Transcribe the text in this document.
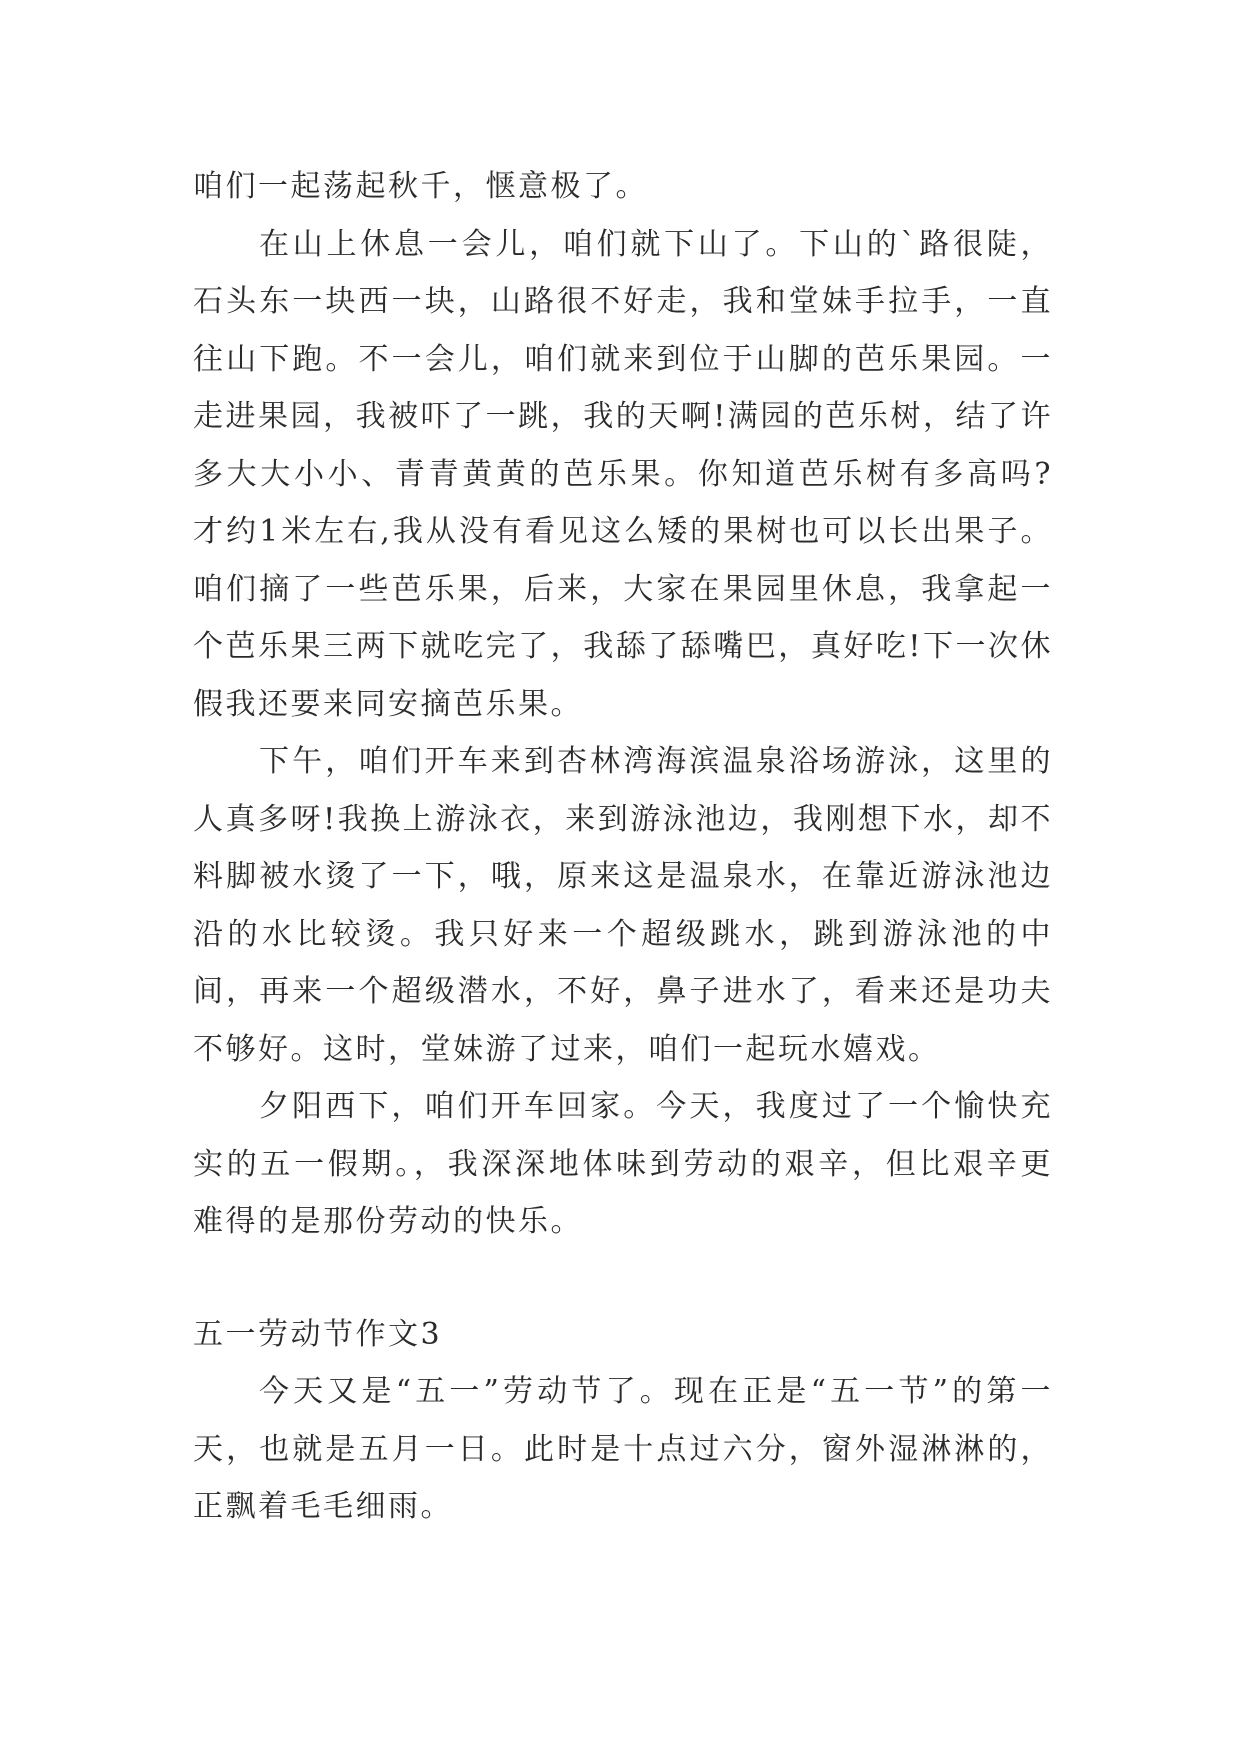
咱们一起荡起秋千，惬意极了。

在山上休息一会儿，咱们就下山了。下山的`路很陡，石头东一块西一块，山路很不好走，我和堂妹手拉手，一直往山下跑。不一会儿，咱们就来到位于山脚的芭乐果园。一走进果园，我被吓了一跳，我的天啊!满园的芭乐树，结了许多大大小小、青青黄黄的芭乐果。你知道芭乐树有多高吗?才约1米左右,我从没有看见这么矮的果树也可以长出果子。咱们摘了一些芭乐果，后来，大家在果园里休息，我拿起一个芭乐果三两下就吃完了，我舔了舔嘴巴，真好吃!下一次休假我还要来同安摘芭乐果。

下午，咱们开车来到杏林湾海滨温泉浴场游泳，这里的人真多呀!我换上游泳衣，来到游泳池边，我刚想下水，却不料脚被水烫了一下，哦，原来这是温泉水，在靠近游泳池边沿的水比较烫。我只好来一个超级跳水，跳到游泳池的中间，再来一个超级潜水，不好，鼻子进水了，看来还是功夫不够好。这时，堂妹游了过来，咱们一起玩水嬉戏。

夕阳西下，咱们开车回家。今天，我度过了一个愉快充实的五一假期。，我深深地体味到劳动的艰辛，但比艰辛更难得的是那份劳动的快乐。

五一劳动节作文3

今天又是“五一”劳动节了。现在正是“五一节”的第一天，也就是五月一日。此时是十点过六分，窗外湿淋淋的，正飘着毛毛细雨。
